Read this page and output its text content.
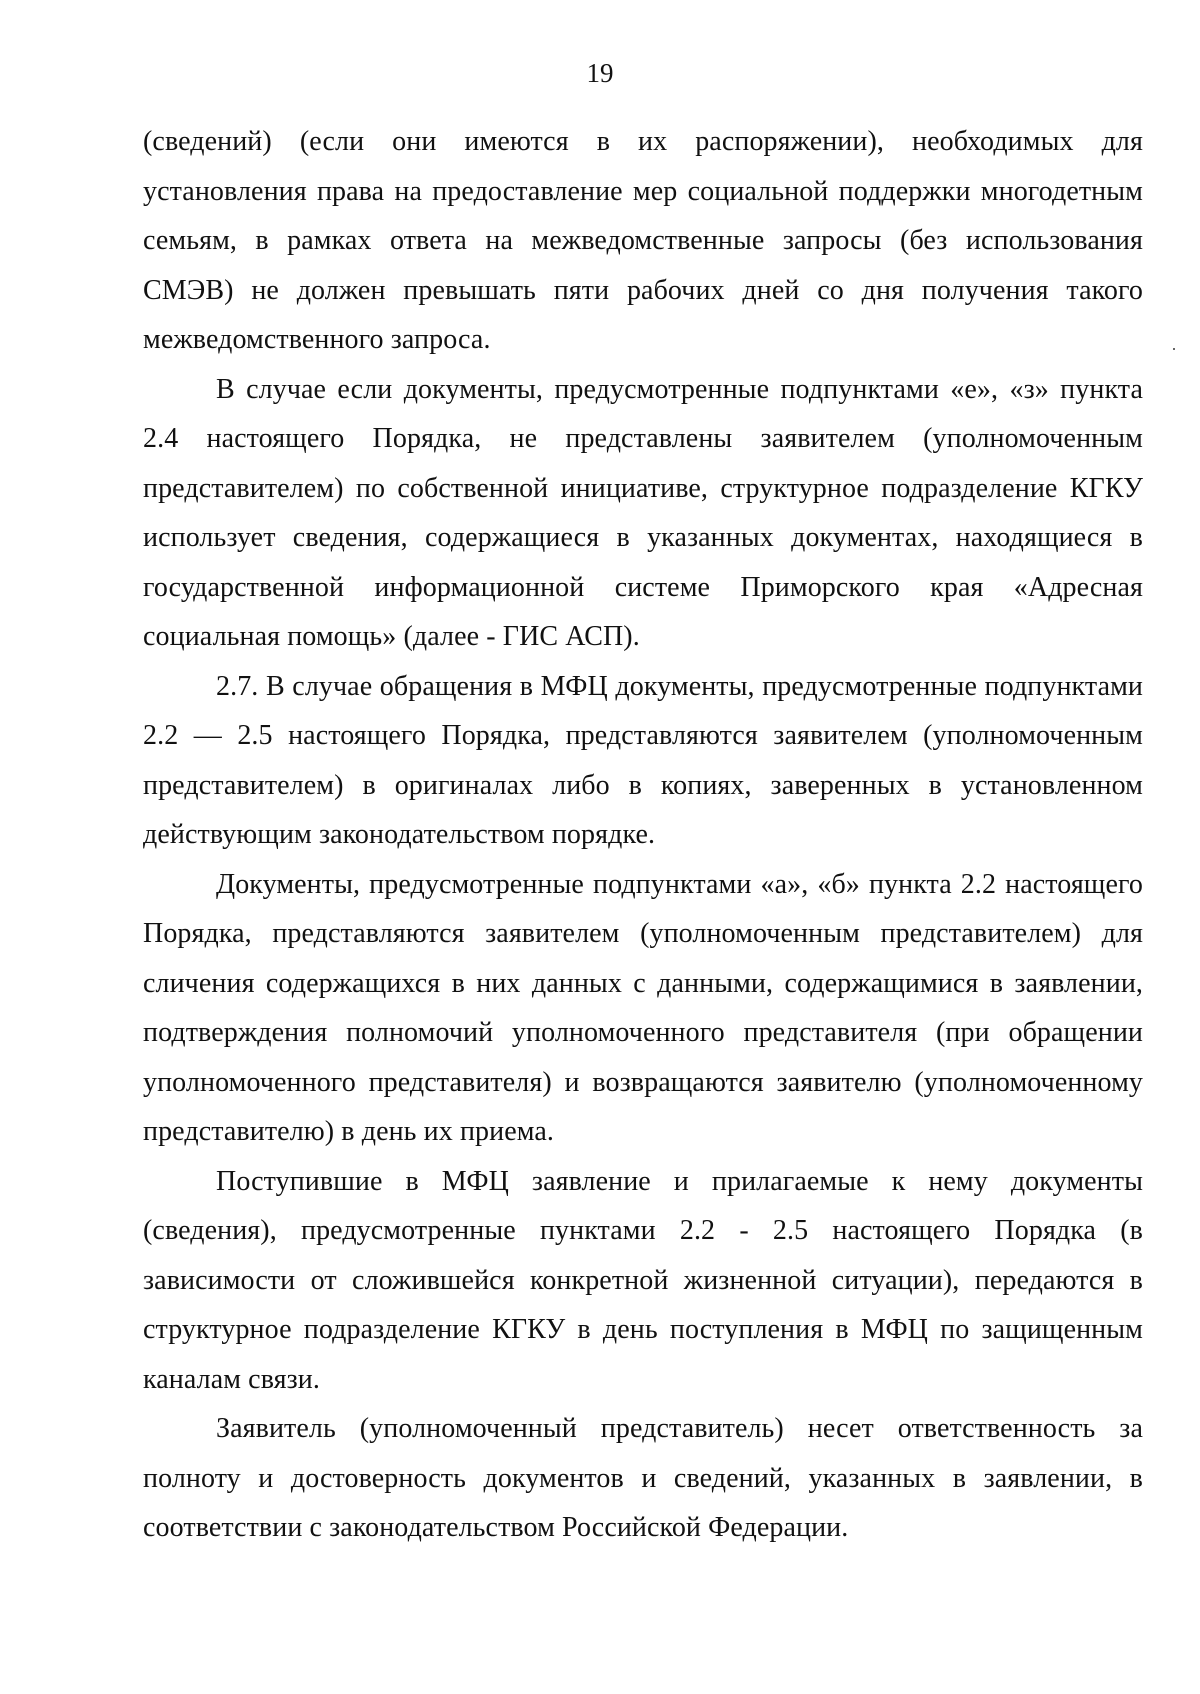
19

(сведений) (если они имеются в их распоряжении), необходимых для установления права на предоставление мер социальной поддержки многодетным семьям, в рамках ответа на межведомственные запросы (без использования СМЭВ) не должен превышать пяти рабочих дней со дня получения такого межведомственного запроса.

В случае если документы, предусмотренные подпунктами «е», «з» пункта 2.4 настоящего Порядка, не представлены заявителем (уполномоченным представителем) по собственной инициативе, структурное подразделение КГКУ использует сведения, содержащиеся в указанных документах, находящиеся в государственной информационной системе Приморского края «Адресная социальная помощь» (далее - ГИС АСП).

2.7. В случае обращения в МФЦ документы, предусмотренные подпунктами 2.2 — 2.5 настоящего Порядка, представляются заявителем (уполномоченным представителем) в оригиналах либо в копиях, заверенных в установленном действующим законодательством порядке.

Документы, предусмотренные подпунктами «а», «б» пункта 2.2 настоящего Порядка, представляются заявителем (уполномоченным представителем) для сличения содержащихся в них данных с данными, содержащимися в заявлении, подтверждения полномочий уполномоченного представителя (при обращении уполномоченного представителя) и возвращаются заявителю (уполномоченному представителю) в день их приема.

Поступившие в МФЦ заявление и прилагаемые к нему документы (сведения), предусмотренные пунктами 2.2 - 2.5 настоящего Порядка (в зависимости от сложившейся конкретной жизненной ситуации), передаются в структурное подразделение КГКУ в день поступления в МФЦ по защищенным каналам связи.

Заявитель (уполномоченный представитель) несет ответственность за полноту и достоверность документов и сведений, указанных в заявлении, в соответствии с законодательством Российской Федерации.
